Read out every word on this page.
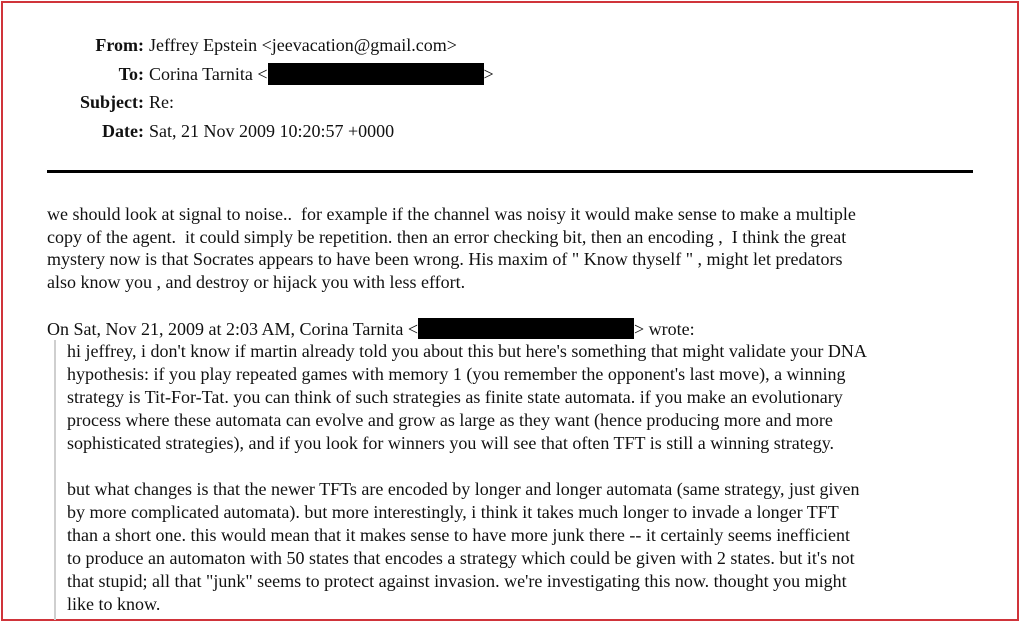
From: Jeffrey Epstein <jeevacation@gmail.com>
To: Corina Tarnita <	>
Subject: Re:
Date: Sat, 21 Nov 2009 10:20:57 +0000
we should look at signal to noise..  for example if the channel was noisy it would make sense to make a multiple
copy of the agent.  it could simply be repetition. then an error checking bit, then an encoding ,  I think the great
mystery now is that Socrates appears to have been wrong. His maxim of " Know thyself " , might let predators
also know you , and destroy or hijack you with less effort.
On Sat, Nov 21, 2009 at 2:03 AM, Corina Tarnita <	> wrote:
hi jeffrey, i don't know if martin already told you about this but here's something that might validate your DNA
hypothesis: if you play repeated games with memory 1 (you remember the opponent's last move), a winning
strategy is Tit-For-Tat. you can think of such strategies as finite state automata. if you make an evolutionary
process where these automata can evolve and grow as large as they want (hence producing more and more
sophisticated strategies), and if you look for winners you will see that often TFT is still a winning strategy.
but what changes is that the newer TFTs are encoded by longer and longer automata (same strategy, just given
by more complicated automata). but more interestingly, i think it takes much longer to invade a longer TFT
than a short one. this would mean that it makes sense to have more junk there -- it certainly seems inefficient
to produce an automaton with 50 states that encodes a strategy which could be given with 2 states. but it's not
that stupid; all that "junk" seems to protect against invasion. we're investigating this now. thought you might
like to know.
